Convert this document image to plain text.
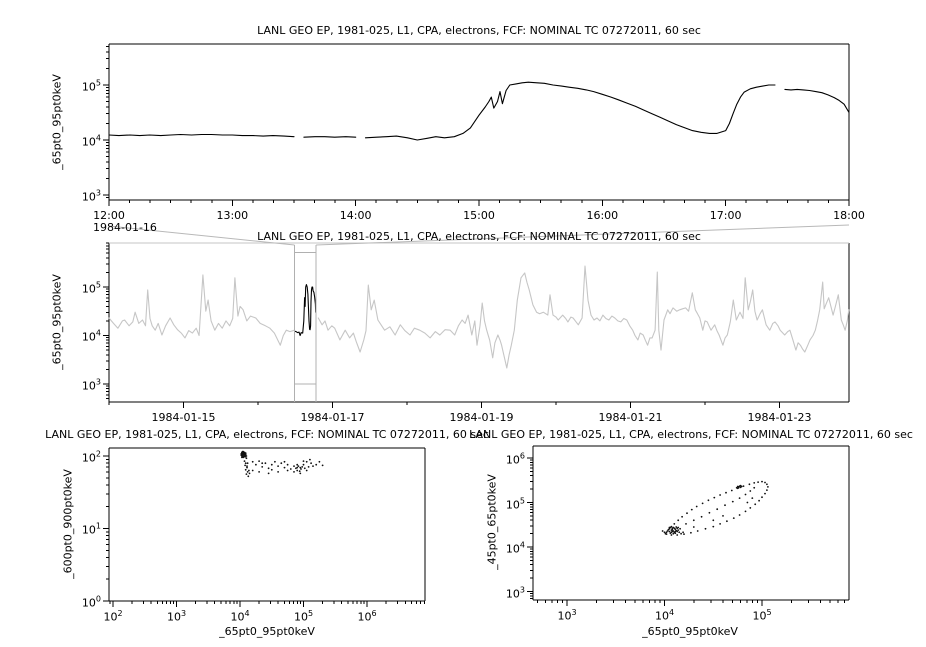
LANL GEO EP, 1981-025, L1, CPA, electrons, FCF: NOMINAL TC 07272011, 60 sec
1984-01-16
LANL GEO EP, 1981-025, L1, CPA, electrons, FCF: NOMINAL TC 07272011, 60 sec
LANL GEO EP, 1981-025, L1, CPA, electrons, FCF: NOMINAL TC 07272011, 60 sec
LANL GEO EP, 1981-025, L1, CPA, electrons, FCF: NOMINAL TC 07272011, 60 sec
_65pt0_95pt0keV
_65pt0_95pt0keV
_600pt0_900pt0keV	_45pt0_65pt0keV
_65pt0_95pt0keV	_65pt0_95pt0keV
12:00	13:00	14:00	15:00	16:00	17:00	18:00
$10^3$
$10^4$
$10^5$
1984-01-15	1984-01-17	1984-01-19	1984-01-21	1984-01-23
$10^3$
$10^4$
$10^5$
$10^2$	$10^3$	$10^4$	$10^5$	$10^6$
$10^0$
$10^1$
$10^2$
$10^3$	$10^4$	$10^5$
$10^3$
$10^4$
$10^5$
$10^6$
